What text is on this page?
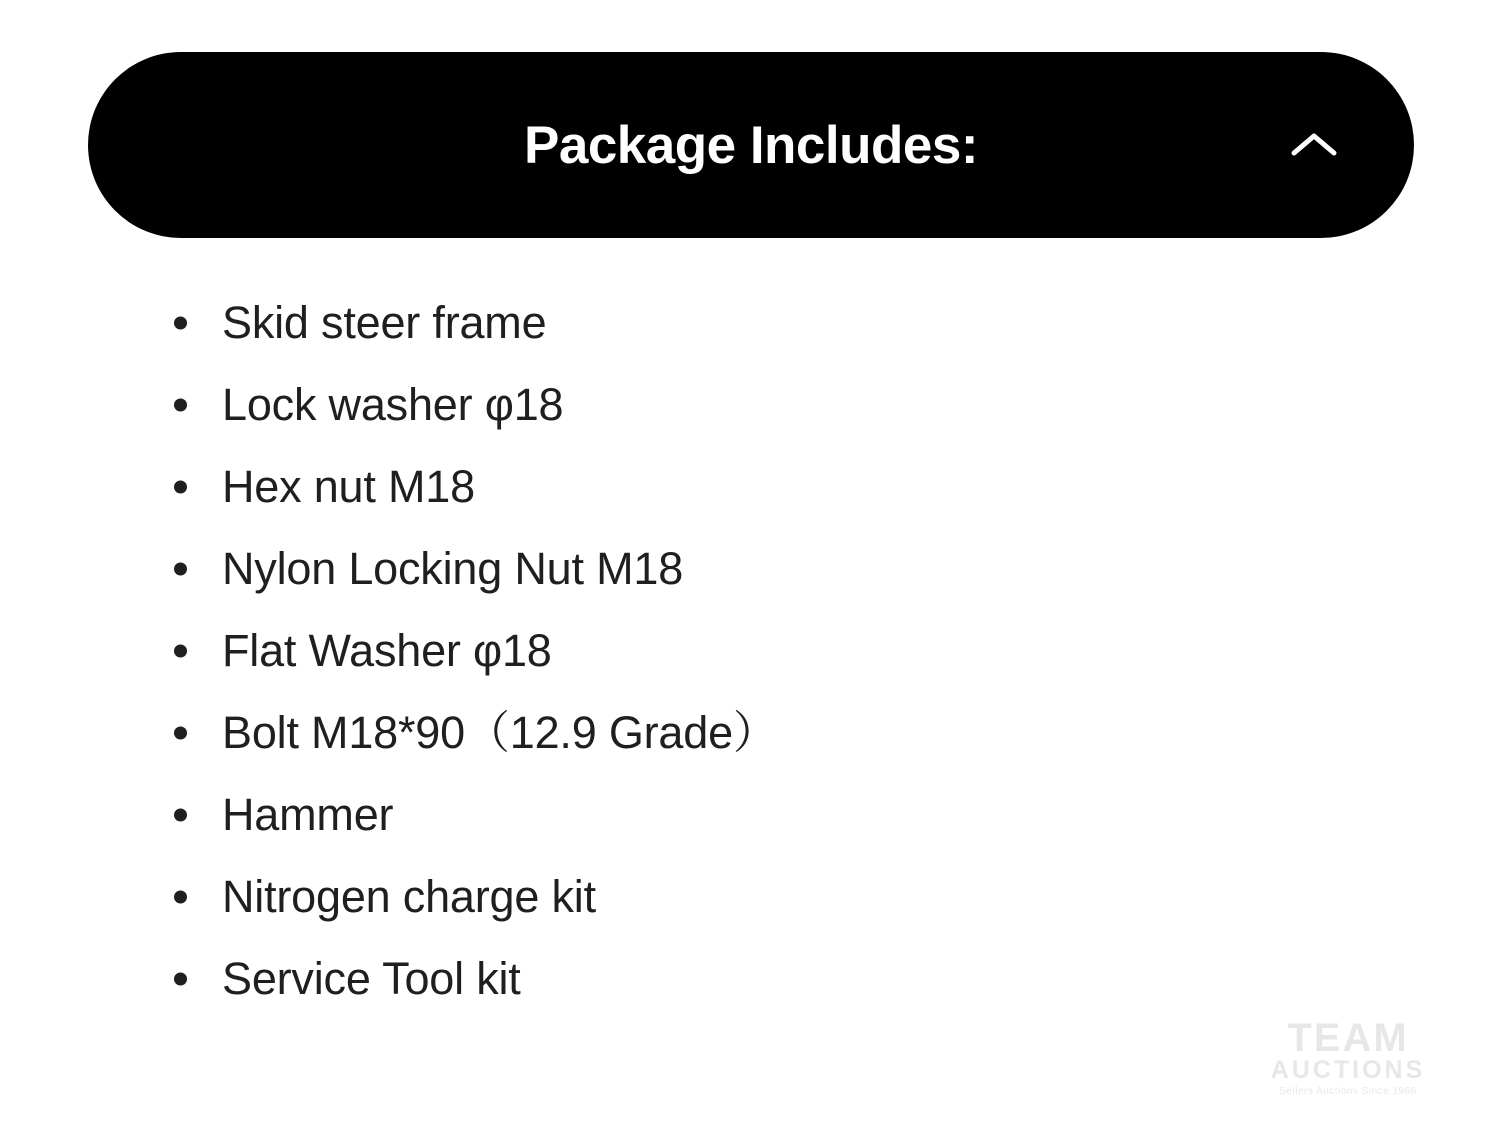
Package Includes:
Skid steer frame
Lock washer φ18
Hex nut M18
Nylon Locking Nut M18
Flat Washer φ18
Bolt M18*90（12.9 Grade）
Hammer
Nitrogen charge kit
Service Tool kit
TEAM
AUCTIONS
Sellers Auctions Since 1966
